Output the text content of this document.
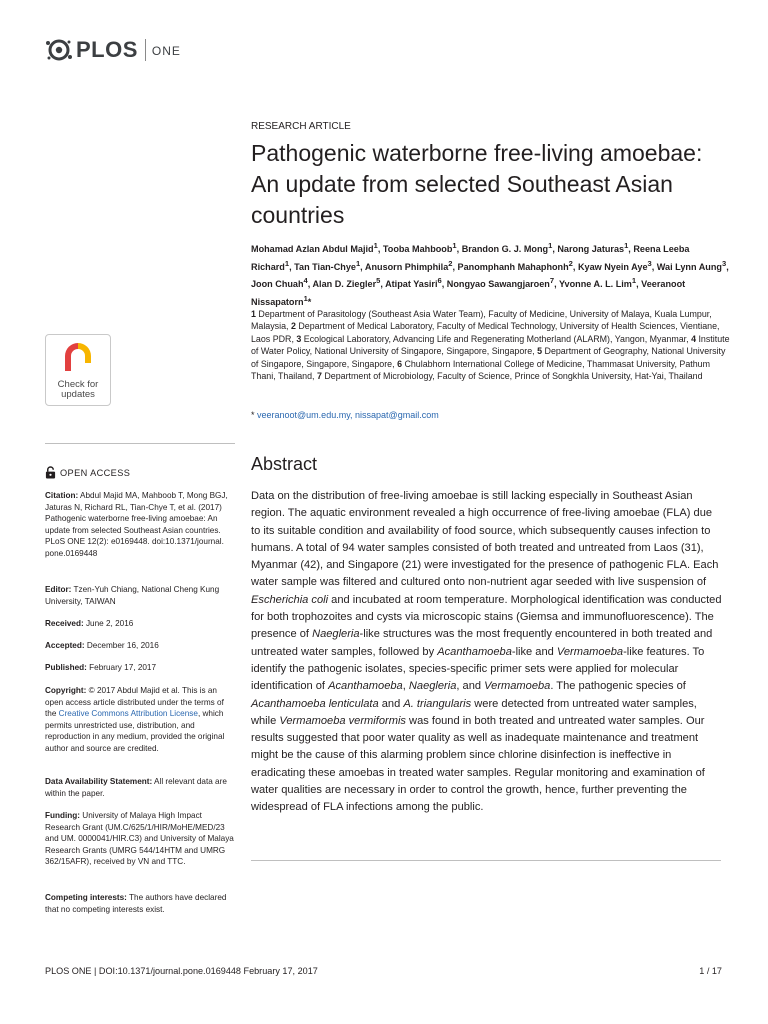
PLOS ONE
RESEARCH ARTICLE
Pathogenic waterborne free-living amoebae: An update from selected Southeast Asian countries

Mohamad Azlan Abdul Majid$^1$, Tooba Mahboob$^1$, Brandon G. J. Mong$^1$, Narong Jaturas$^1$, Reena Leeba Richard$^1$, Tan Tian-Chye$^1$, Anusorn Phimphila$^2$, Panomphanh Mahaphonh$^2$, Kyaw Nyein Aye$^3$, Wai Lynn Aung$^3$, Joon Chuah$^4$, Alan D. Ziegler$^5$, Atipat Yasiri$^6$, Nongyao Sawangjaroen$^7$, Yvonne A. L. Lim$^1$, Veeranoot Nissapatorn$^1$*

1 Department of Parasitology (Southeast Asia Water Team), Faculty of Medicine, University of Malaya, Kuala Lumpur, Malaysia, 2 Department of Medical Laboratory, Faculty of Medical Technology, University of Health Sciences, Vientiane, Laos PDR, 3 Ecological Laboratory, Advancing Life and Regenerating Motherland (ALARM), Yangon, Myanmar, 4 Institute of Water Policy, National University of Singapore, Singapore, Singapore, 5 Department of Geography, National University of Singapore, Singapore, Singapore, 6 Chulabhorn International College of Medicine, Thammasat University, Pathum Thani, Thailand, 7 Department of Microbiology, Faculty of Science, Prince of Songkhla University, Hat-Yai, Thailand

* veeranoot@um.edu.my, nissapat@gmail.com
Check for
updates
OPEN ACCESS

Citation: Abdul Majid MA, Mahboob T, Mong BGJ, Jaturas N, Richard RL, Tian-Chye T, et al. (2017) Pathogenic waterborne free-living amoebae: An update from selected Southeast Asian countries. PLoS ONE 12(2): e0169448. doi:10.1371/journal. pone.0169448

Editor: Tzen-Yuh Chiang, National Cheng Kung University, TAIWAN

Received: June 2, 2016

Accepted: December 16, 2016

Published: February 17, 2017

Copyright: © 2017 Abdul Majid et al. This is an open access article distributed under the terms of the Creative Commons Attribution License, which permits unrestricted use, distribution, and reproduction in any medium, provided the original author and source are credited.

Data Availability Statement: All relevant data are within the paper.

Funding: University of Malaya High Impact Research Grant (UM.C/625/1/HIR/MoHE/MED/23 and UM. 0000041/HIR.C3) and University of Malaya Research Grants (UMRG 544/14HTM and UMRG 362/15AFR), received by VN and TTC.

Competing interests: The authors have declared that no competing interests exist.

Abstract

Data on the distribution of free-living amoebae is still lacking especially in Southeast Asian region. The aquatic environment revealed a high occurrence of free-living amoebae (FLA) due to its suitable condition and availability of food source, which subsequently causes infection to humans. A total of 94 water samples consisted of both treated and untreated from Laos (31), Myanmar (42), and Singapore (21) were investigated for the presence of pathogenic FLA. Each water sample was filtered and cultured onto non-nutrient agar seeded with live suspension of Escherichia coli and incubated at room temperature. Morphological identification was conducted for both trophozoites and cysts via microscopic stains (Giemsa and immunofluorescence). The presence of Naegleria-like structures was the most frequently encountered in both treated and untreated water samples, followed by Acanthamoeba-like and Vermamoeba-like features. To identify the pathogenic isolates, species-specific primer sets were applied for molecular identification of Acanthamoeba, Naegleria, and Vermamoeba. The pathogenic species of Acanthamoeba lenticulata and A. triangularis were detected from untreated water samples, while Vermamoeba vermiformis was found in both treated and untreated water samples. Our results suggested that poor water quality as well as inadequate maintenance and treatment might be the cause of this alarming problem since chlorine disinfection is ineffective in eradicating these amoebas in treated water samples. Regular monitoring and examination of water qualities are necessary in order to control the growth, hence, further preventing the widespread of FLA infections among the public.

PLOS ONE | DOI:10.1371/journal.pone.0169448 February 17, 2017	1 / 17
